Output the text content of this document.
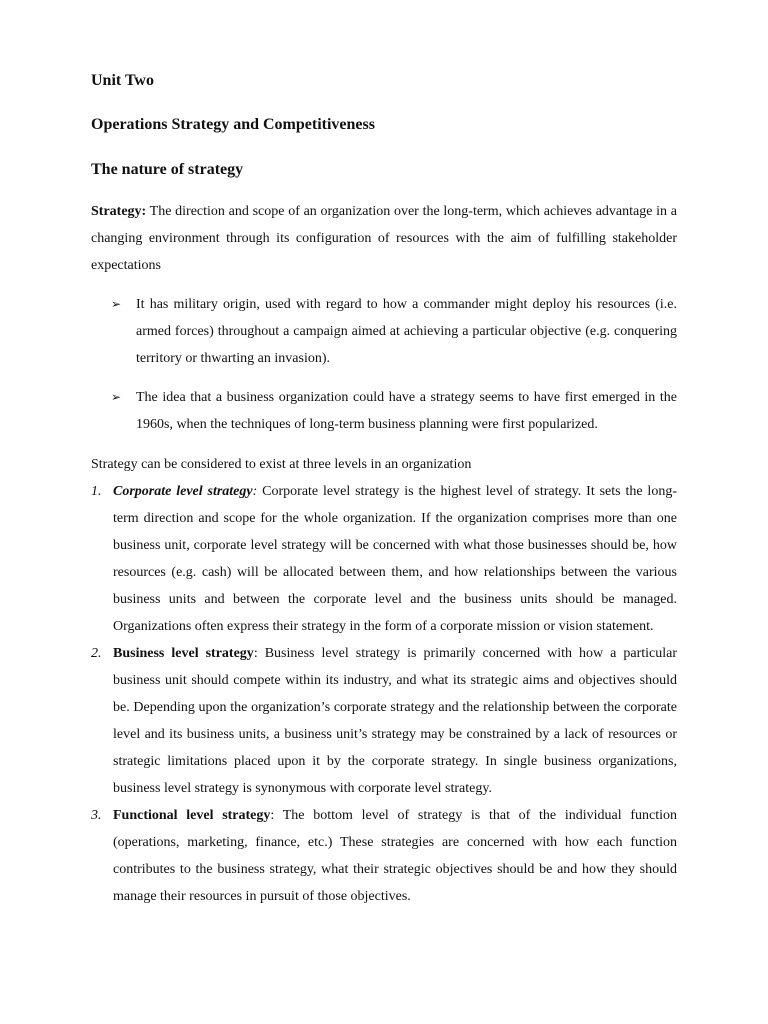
Unit Two
Operations Strategy and Competitiveness
The nature of strategy

Strategy: The direction and scope of an organization over the long-term, which achieves advantage in a changing environment through its configuration of resources with the aim of fulfilling stakeholder expectations

➢ It has military origin, used with regard to how a commander might deploy his resources (i.e. armed forces) throughout a campaign aimed at achieving a particular objective (e.g. conquering territory or thwarting an invasion).
➢ The idea that a business organization could have a strategy seems to have first emerged in the 1960s, when the techniques of long-term business planning were first popularized.
Strategy can be considered to exist at three levels in an organization
1. Corporate level strategy: Corporate level strategy is the highest level of strategy. It sets the long-term direction and scope for the whole organization. If the organization comprises more than one business unit, corporate level strategy will be concerned with what those businesses should be, how resources (e.g. cash) will be allocated between them, and how relationships between the various business units and between the corporate level and the business units should be managed. Organizations often express their strategy in the form of a corporate mission or vision statement.
2. Business level strategy: Business level strategy is primarily concerned with how a particular business unit should compete within its industry, and what its strategic aims and objectives should be. Depending upon the organization’s corporate strategy and the relationship between the corporate level and its business units, a business unit’s strategy may be constrained by a lack of resources or strategic limitations placed upon it by the corporate strategy. In single business organizations, business level strategy is synonymous with corporate level strategy.
3. Functional level strategy: The bottom level of strategy is that of the individual function (operations, marketing, finance, etc.) These strategies are concerned with how each function contributes to the business strategy, what their strategic objectives should be and how they should manage their resources in pursuit of those objectives.
